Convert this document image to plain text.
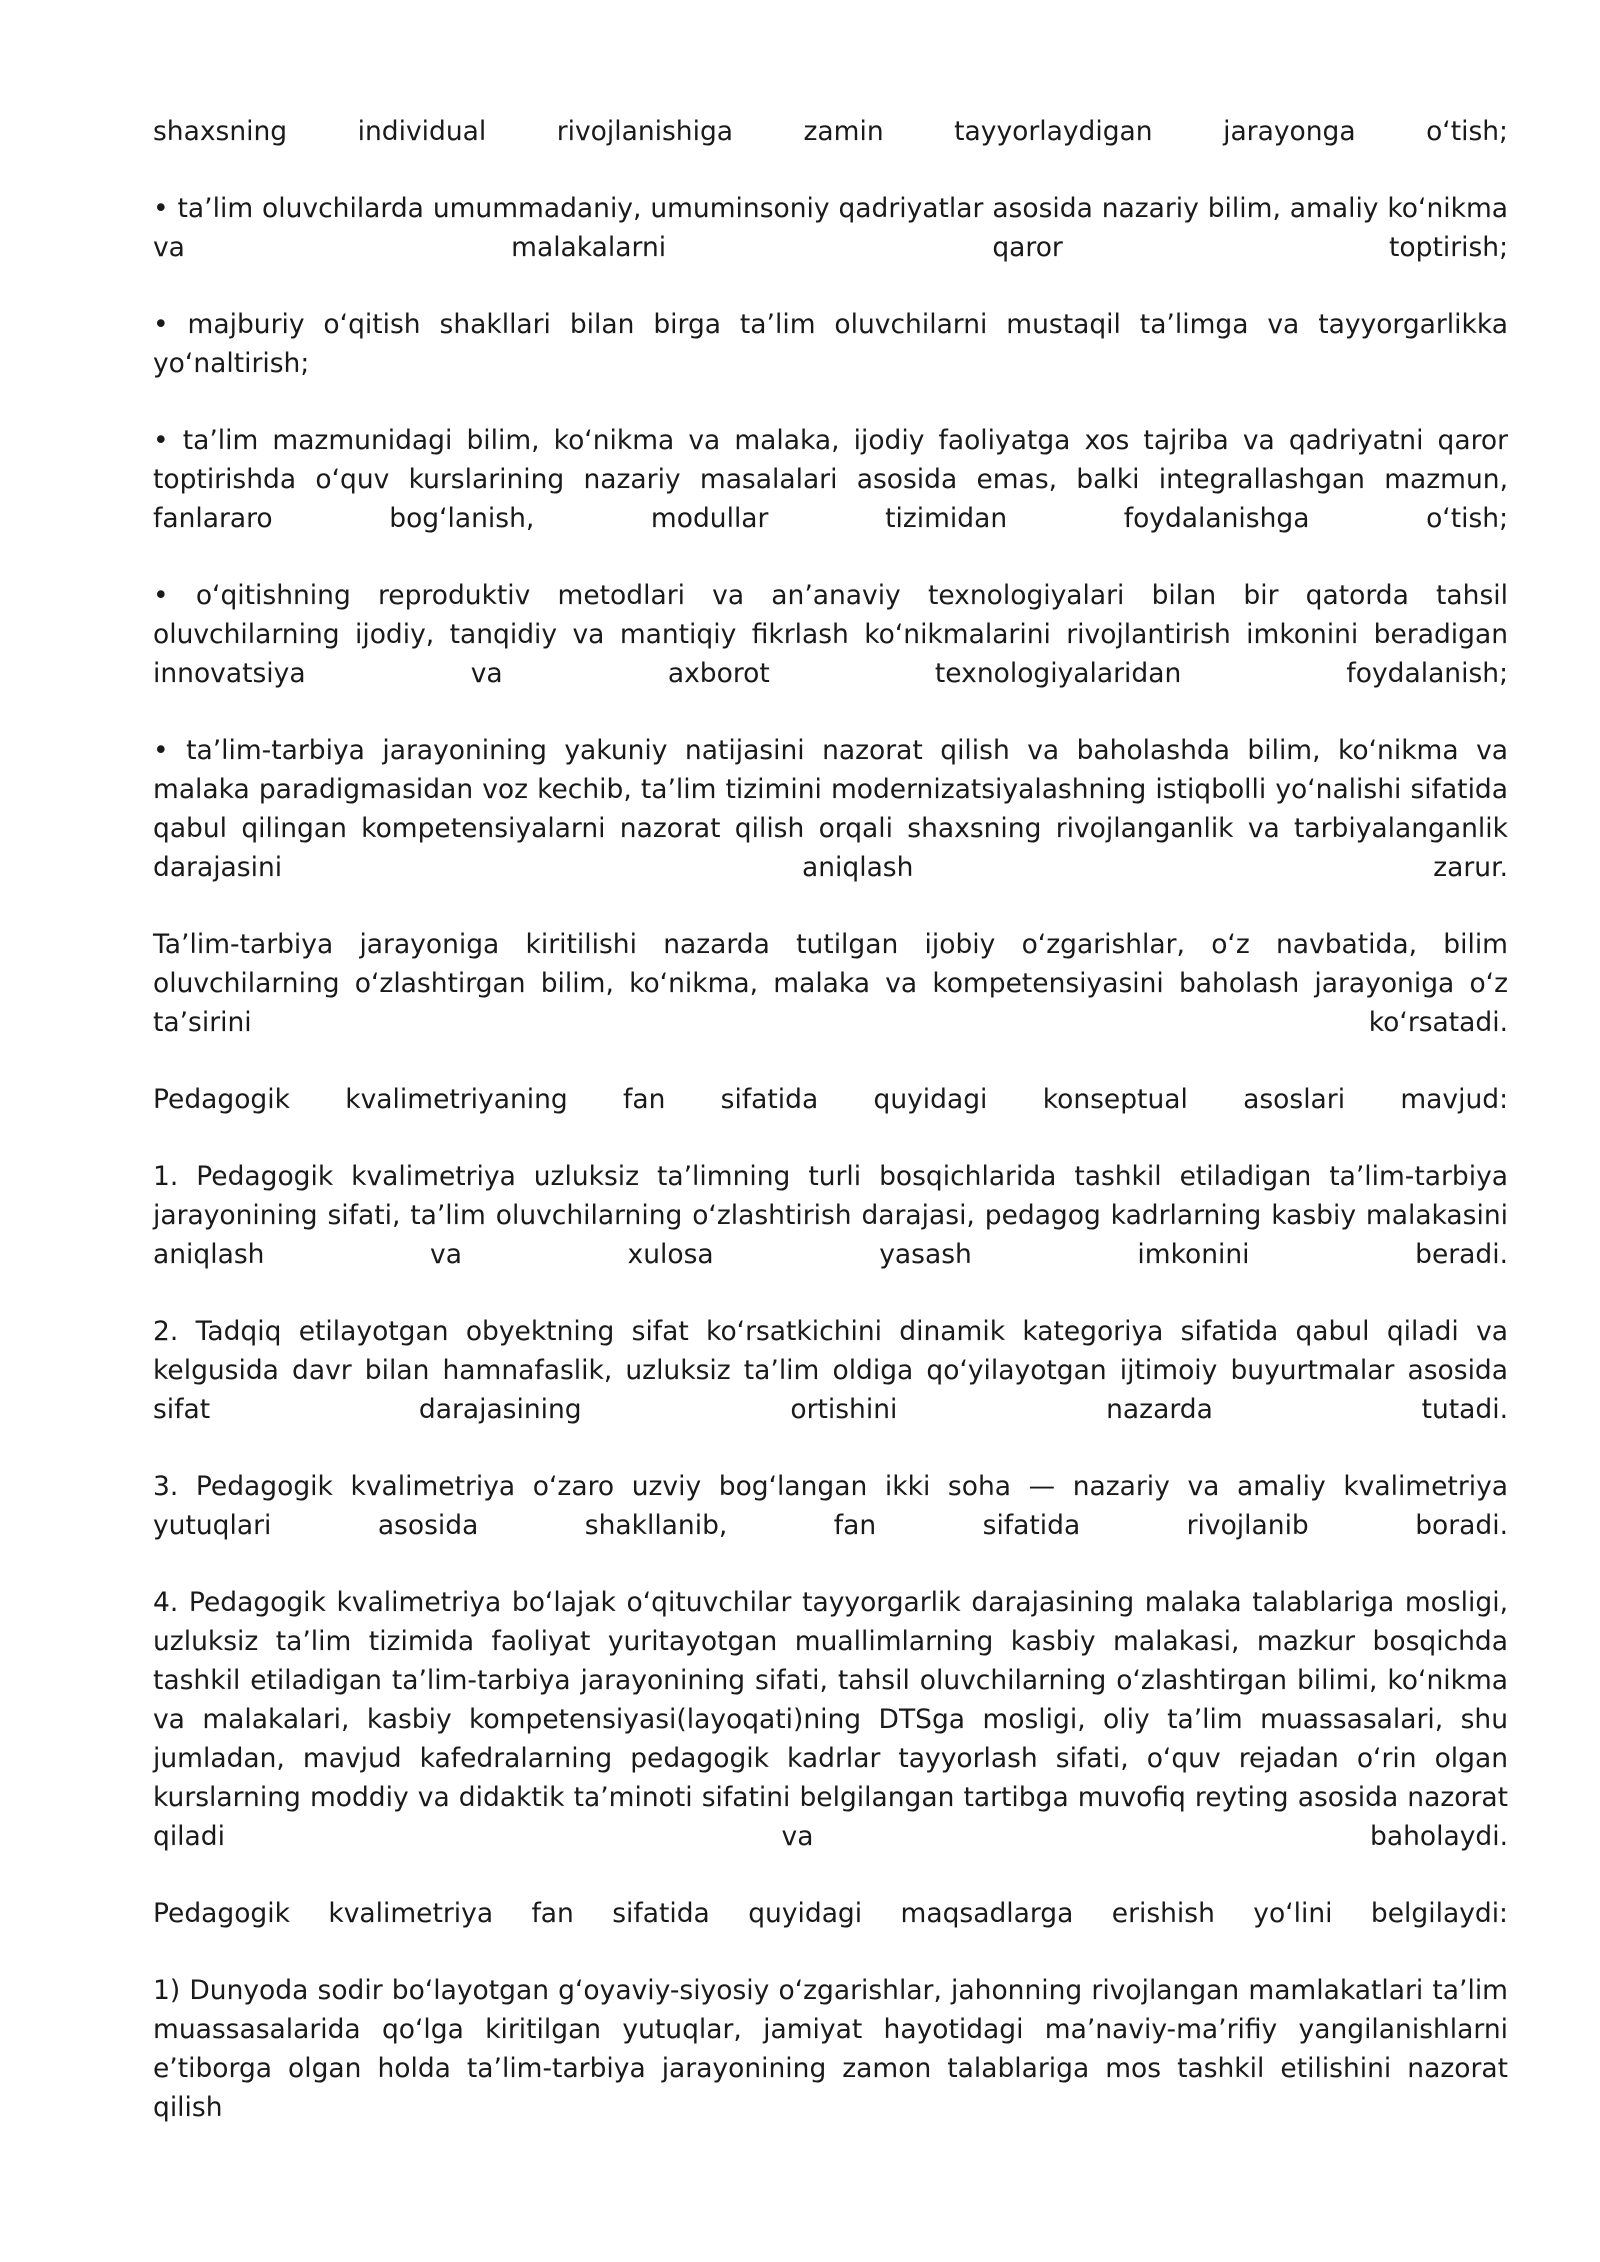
shaxsning individual rivojlanishiga zamin tayyorlaydigan jarayonga o‘tish;

• ta’lim oluvchilarda umummadaniy, umuminsoniy qadriyatlar asosida nazariy bilim, amaliy ko‘nikma va malakalarni qaror toptirish;

• majburiy o‘qitish shakllari bilan birga ta’lim oluvchilarni mustaqil ta’limga va tayyorgarlikka yo‘naltirish;

• ta’lim mazmunidagi bilim, ko‘nikma va malaka, ijodiy faoliyatga xos tajriba va qadriyatni qaror toptirishda o‘quv kurslarining nazariy masalalari asosida emas, balki integrallashgan mazmun, fanlararo bog‘lanish, modullar tizimidan foydalanishga o‘tish;

• o‘qitishning reproduktiv metodlari va an’anaviy texnologiyalari bilan bir qatorda tahsil oluvchilarning ijodiy, tanqidiy va mantiqiy fikrlash ko‘nikmalarini rivojlantirish imkonini beradigan innovatsiya va axborot texnologiyalaridan foydalanish;

• ta’lim-tarbiya jarayonining yakuniy natijasini nazorat qilish va baholashda bilim, ko‘nikma va malaka paradigmasidan voz kechib, ta’lim tizimini modernizatsiyalashning istiqbolli yo‘nalishi sifatida qabul qilingan kompetensiyalarni nazorat qilish orqali shaxsning rivojlanganlik va tarbiyalanganlik darajasini aniqlash zarur.

Ta’lim-tarbiya jarayoniga kiritilishi nazarda tutilgan ijobiy o‘zgarishlar, o‘z navbatida, bilim oluvchilarning o‘zlashtirgan bilim, ko‘nikma, malaka va kompetensiyasini baholash jarayoniga o‘z ta’sirini ko‘rsatadi.

Pedagogik kvalimetriyaning fan sifatida quyidagi konseptual asoslari mavjud:

1. Pedagogik kvalimetriya uzluksiz ta’limning turli bosqichlarida tashkil etiladigan ta’lim-tarbiya jarayonining sifati, ta’lim oluvchilarning o‘zlashtirish darajasi, pedagog kadrlarning kasbiy malakasini aniqlash va xulosa yasash imkonini beradi.

2. Tadqiq etilayotgan obyektning sifat ko‘rsatkichini dinamik kategoriya sifatida qabul qiladi va kelgusida davr bilan hamnafaslik, uzluksiz ta’lim oldiga qo‘yilayotgan ijtimoiy buyurtmalar asosida sifat darajasining ortishini nazarda tutadi.

3. Pedagogik kvalimetriya o‘zaro uzviy bog‘langan ikki soha — nazariy va amaliy kvalimetriya yutuqlari asosida shakllanib, fan sifatida rivojlanib boradi.

4. Pedagogik kvalimetriya bo‘lajak o‘qituvchilar tayyorgarlik darajasining malaka talablariga mosligi, uzluksiz ta’lim tizimida faoliyat yuritayotgan muallimlarning kasbiy malakasi, mazkur bosqichda tashkil etiladigan ta’lim-tarbiya jarayonining sifati, tahsil oluvchilarning o‘zlashtirgan bilimi, ko‘nikma va malakalari, kasbiy kompetensiyasi(layoqati)ning DTSga mosligi, oliy ta’lim muassasalari, shu jumladan, mavjud kafedralarning pedagogik kadrlar tayyorlash sifati, o‘quv rejadan o‘rin olgan kurslarning moddiy va didaktik ta’minoti sifatini belgilangan tartibga muvofiq reyting asosida nazorat qiladi va baholaydi.

Pedagogik kvalimetriya fan sifatida quyidagi maqsadlarga erishish yo‘lini belgilaydi:

1) Dunyoda sodir bo‘layotgan g‘oyaviy-siyosiy o‘zgarishlar, jahonning rivojlangan mamlakatlari ta’lim muassasalarida qo‘lga kiritilgan yutuqlar, jamiyat hayotidagi ma’naviy-ma’rifiy yangilanishlarni e’tiborga olgan holda ta’lim-tarbiya jarayonining zamon talablariga mos tashkil etilishini nazorat qilish
